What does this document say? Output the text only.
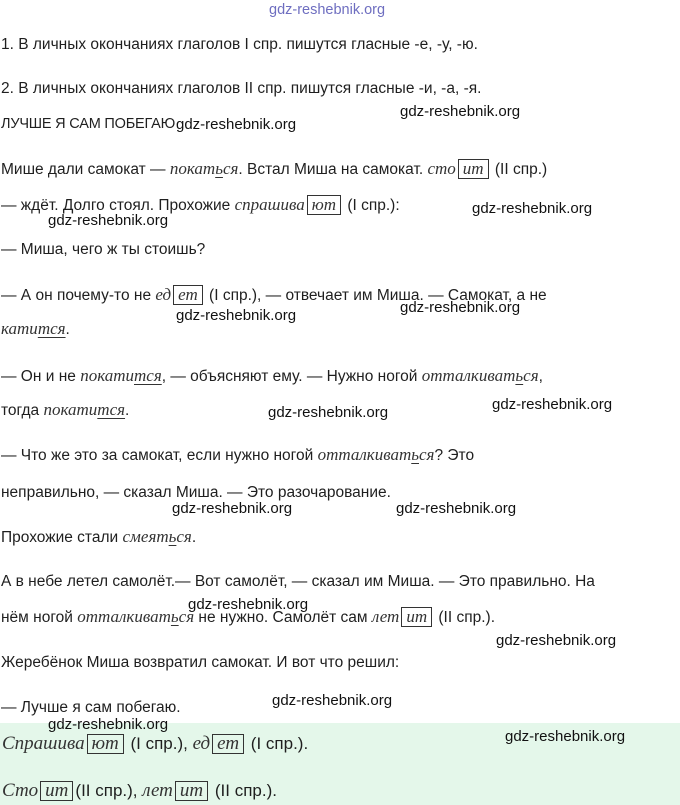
gdz-reshebnik.org
1. В личных окончаниях глаголов I спр. пишутся гласные -е, -у, -ю.
2. В личных окончаниях глаголов II спр. пишутся гласные -и, -а, -я.
ЛУЧШЕ Я САМ ПОБЕГАЮ
Мише дали самокат — покаться. Встал Миша на самокат. сто ит (II спр.)
— ждёт. Долго стоял. Прохожие спрашива ют (I спр.):
— Миша, чего ж ты стоишь?
— А он почему-то не ед ет (I спр.), — отвечает им Миша. — Самокат, а не
катится.
— Он и не покатится, — объясняют ему. — Нужно ногой отталкиваться,
тогда покатится.
— Что же это за самокат, если нужно ногой отталкиваться? Это
неправильно, — сказал Миша. — Это разочарование.
Прохожие стали смеяться.
А в небе летел самолёт.— Вот самолёт, — сказал им Миша. — Это правильно. На
нём ногой отталкиваться не нужно. Самолёт сам лет ит (II спр.).
Жеребёнок Миша возвратил самокат. И вот что решил:
— Лучше я сам побегаю.
Спрашива ют (I спр.), ед ет (I спр.).
Сто ит (II спр.), лет ит (II спр.).
gdz-reshebnik.org
gdz-reshebnik.org
gdz-reshebnik.org
gdz-reshebnik.org
gdz-reshebnik.org
gdz-reshebnik.org
gdz-reshebnik.org
gdz-reshebnik.org
gdz-reshebnik.org	gdz-reshebnik.org
gdz-reshebnik.org
gdz-reshebnik.org
gdz-reshebnik.org
gdz-reshebnik.org
gdz-reshebnik.org
